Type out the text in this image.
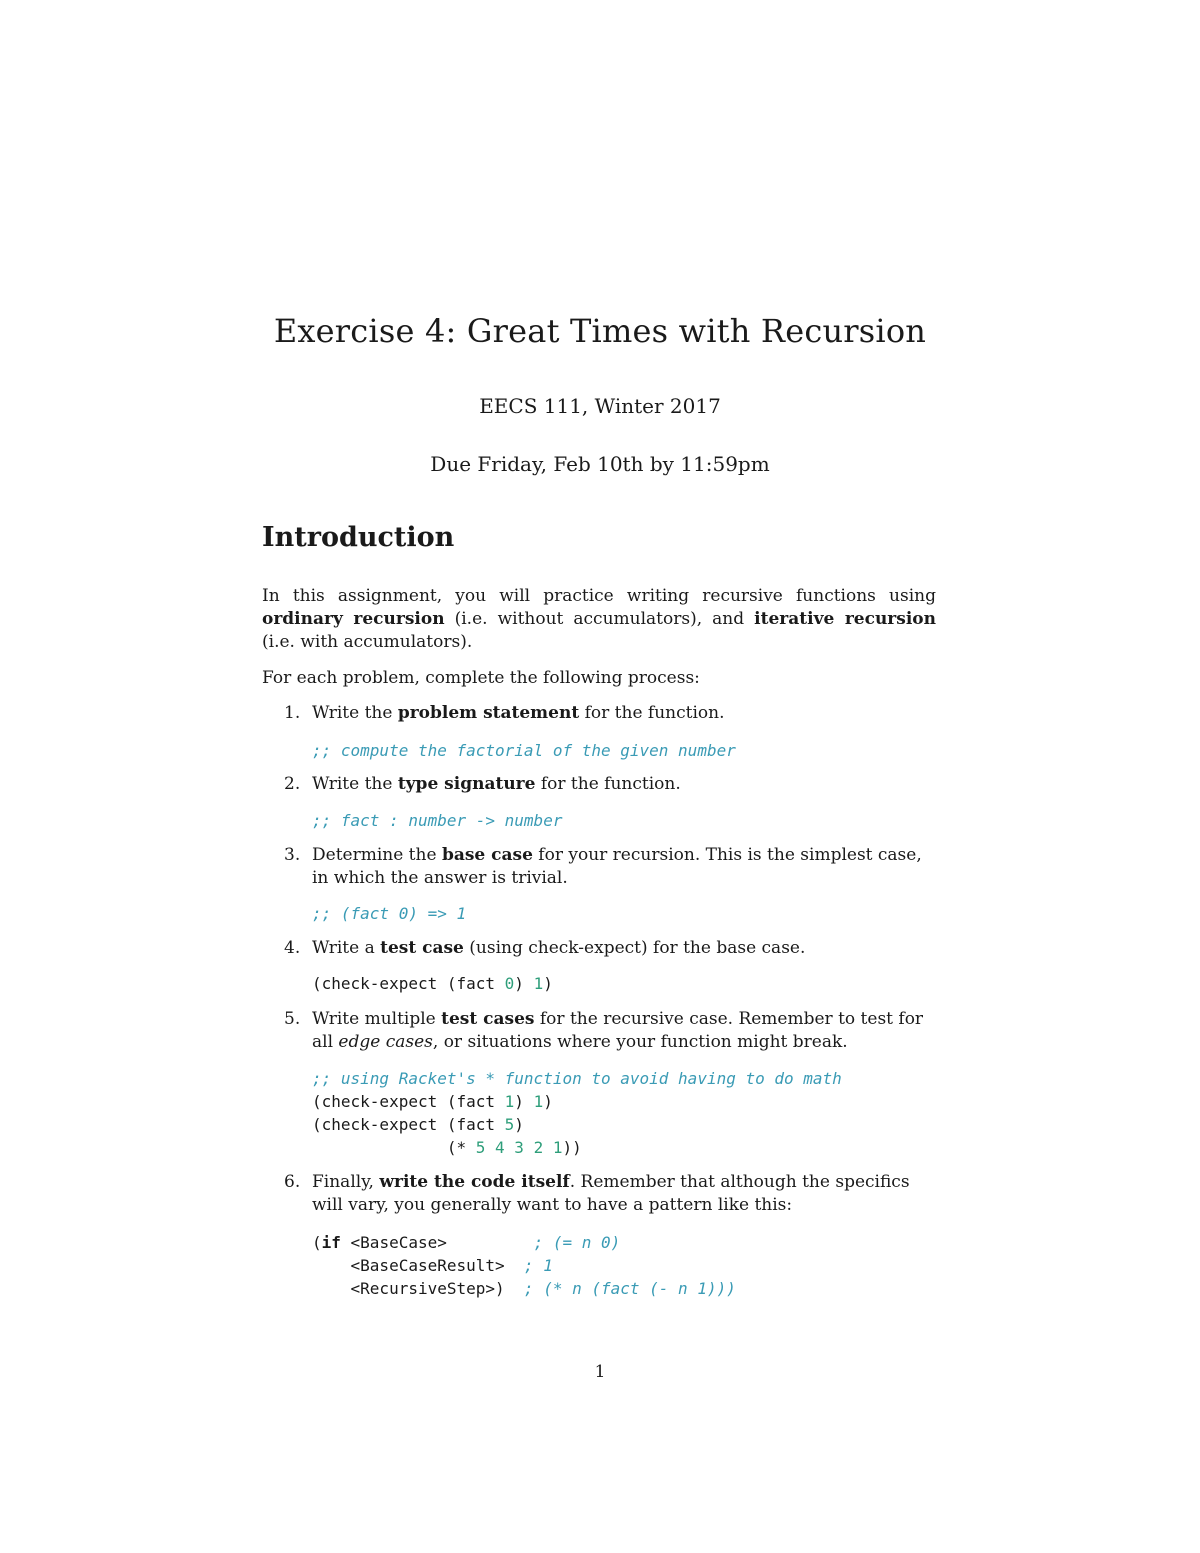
Exercise 4: Great Times with Recursion

EECS 111, Winter 2017

Due Friday, Feb 10th by 11:59pm

Introduction

In this assignment, you will practice writing recursive functions using ordinary recursion (i.e. without accumulators), and iterative recursion (i.e. with accumulators).

For each problem, complete the following process:

1. Write the problem statement for the function.

;; compute the factorial of the given number
2. Write the type signature for the function.

;; fact : number -> number
3. Determine the base case for your recursion. This is the simplest case, in which the answer is trivial.

;; (fact 0) => 1
4. Write a test case (using check-expect) for the base case.

(check-expect (fact 0) 1)
5. Write multiple test cases for the recursive case. Remember to test for all edge cases, or situations where your function might break.

;; using Racket's * function to avoid having to do math
(check-expect (fact 1) 1)
(check-expect (fact 5)
(* 5 4 3 2 1))
6. Finally, write the code itself. Remember that although the specifics will vary, you generally want to have a pattern like this:

(if <BaseCase>         ; (= n 0)
<BaseCaseResult>  ; 1
<RecursiveStep>)  ; (* n (fact (- n 1)))

1
